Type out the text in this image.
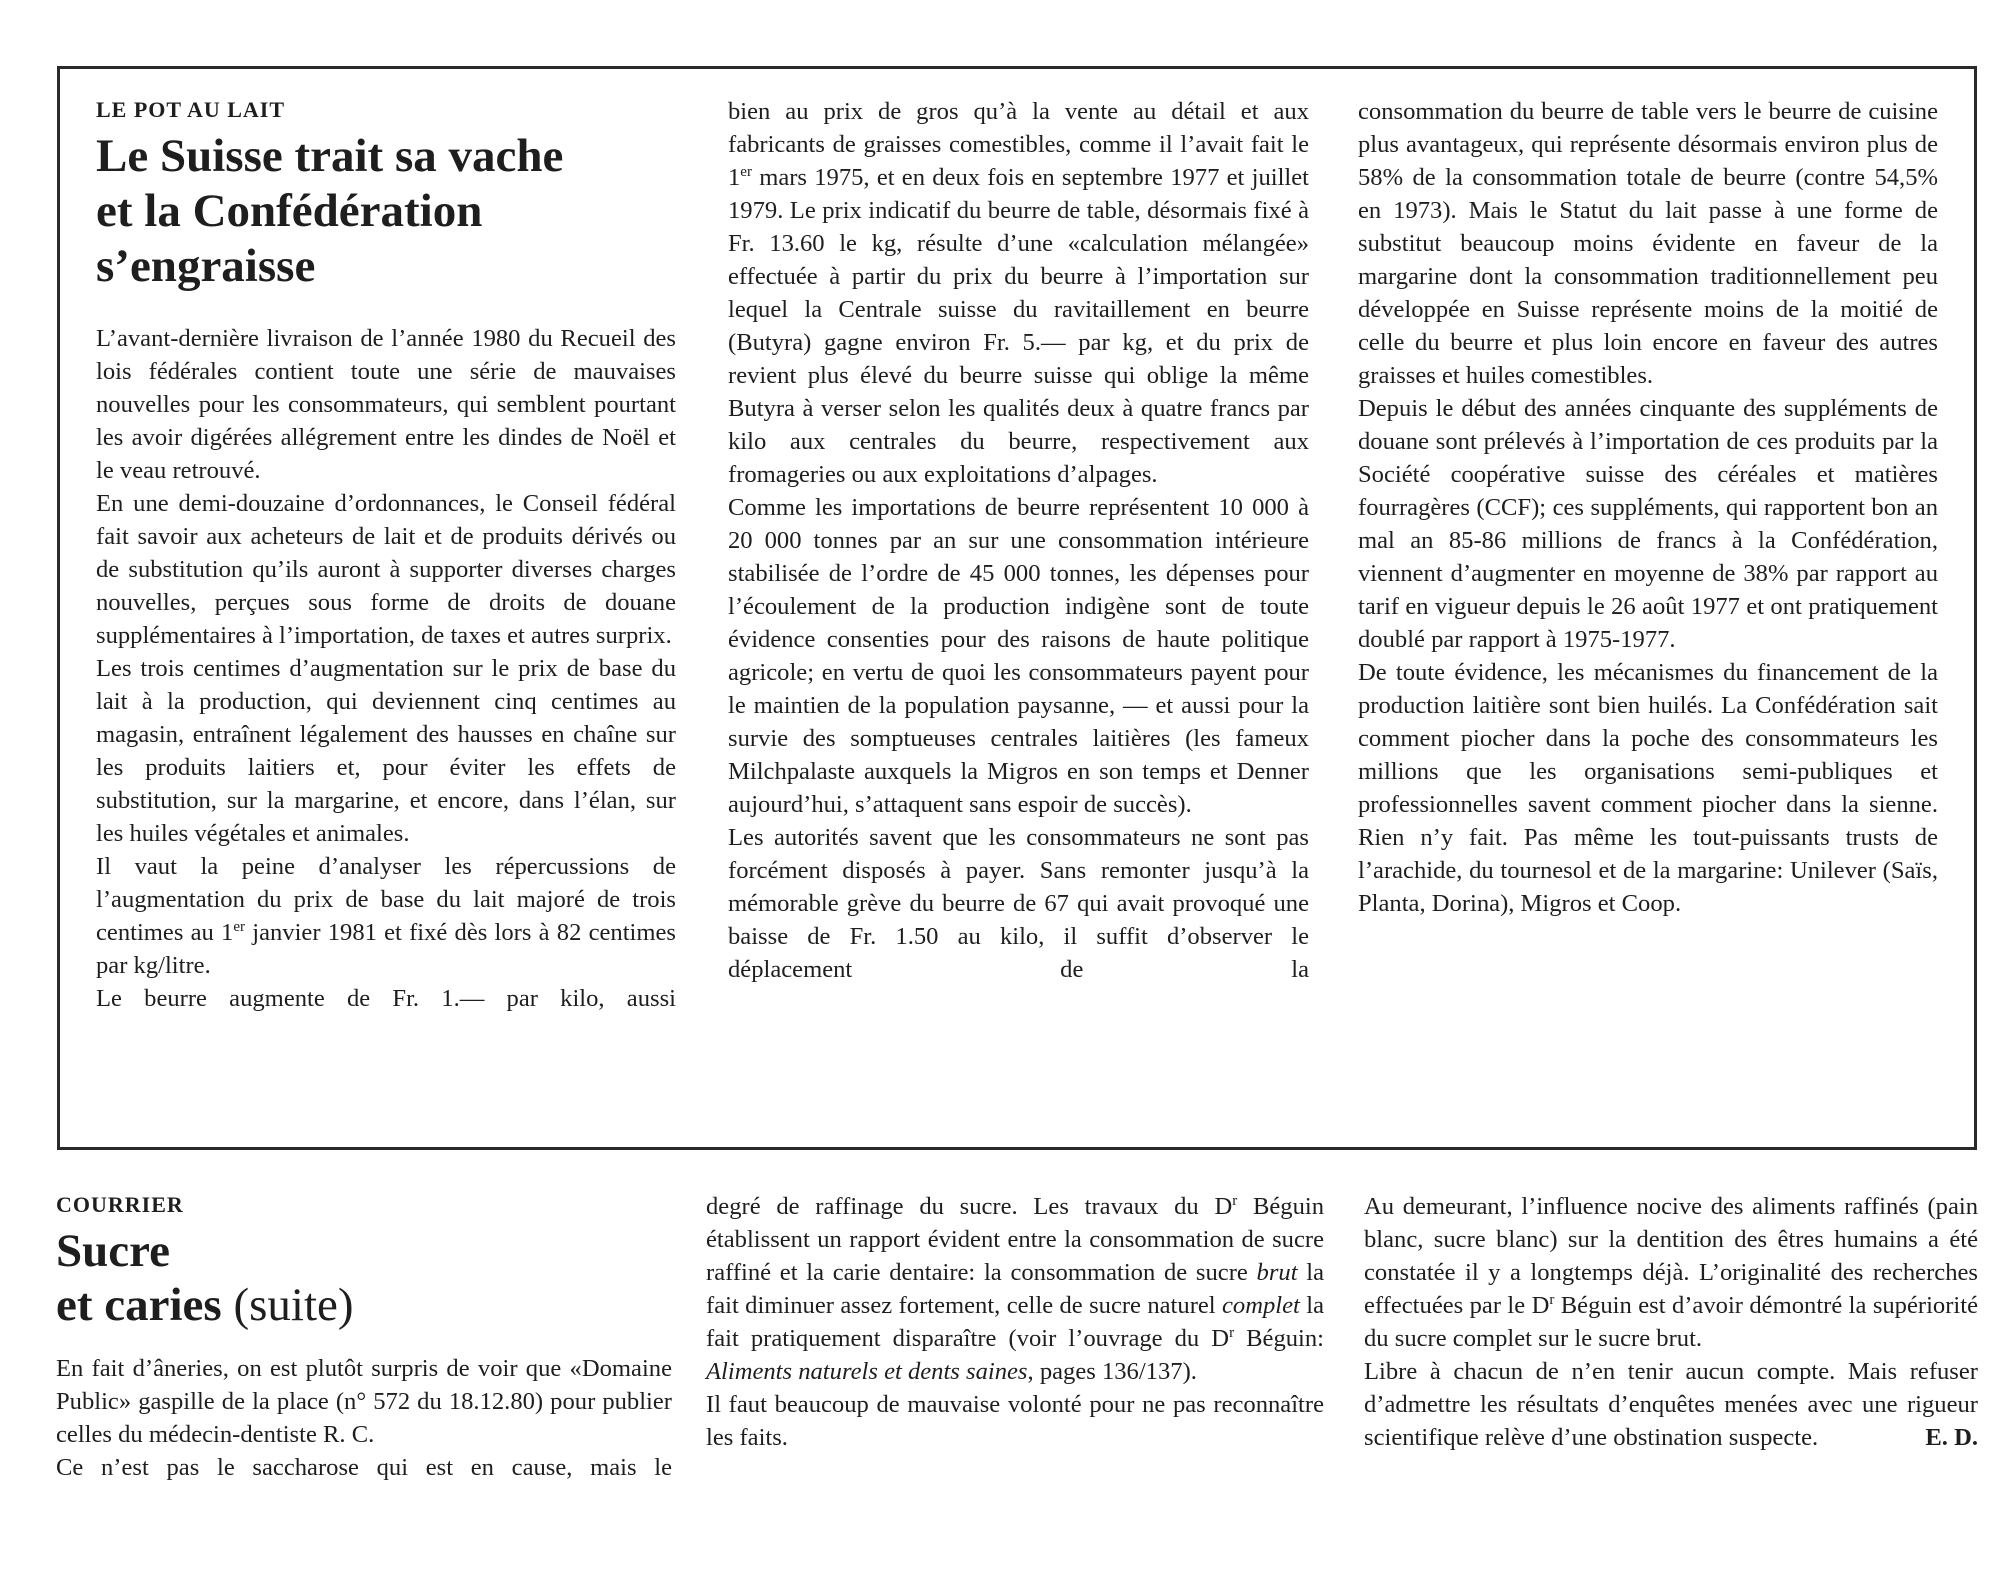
LE POT AU LAIT
Le Suisse trait sa vache
et la Confédération
s’engraisse

L’avant-dernière livraison de l’année 1980 du Recueil des lois fédérales contient toute une série de mauvaises nouvelles pour les consommateurs, qui semblent pourtant les avoir digérées allégrement entre les dindes de Noël et le veau retrouvé.

En une demi-douzaine d’ordonnances, le Conseil fédéral fait savoir aux acheteurs de lait et de produits dérivés ou de substitution qu’ils auront à supporter diverses charges nouvelles, perçues sous forme de droits de douane supplémentaires à l’importation, de taxes et autres surprix.

Les trois centimes d’augmentation sur le prix de base du lait à la production, qui deviennent cinq centimes au magasin, entraînent légalement des hausses en chaîne sur les produits laitiers et, pour éviter les effets de substitution, sur la margarine, et encore, dans l’élan, sur les huiles végétales et animales.

Il vaut la peine d’analyser les répercussions de l’augmentation du prix de base du lait majoré de trois centimes au 1er janvier 1981 et fixé dès lors à 82 centimes par kg/litre.

Le beurre augmente de Fr. 1.— par kilo, aussi

bien au prix de gros qu’à la vente au détail et aux fabricants de graisses comestibles, comme il l’avait fait le 1er mars 1975, et en deux fois en septembre 1977 et juillet 1979. Le prix indicatif du beurre de table, désormais fixé à Fr. 13.60 le kg, résulte d’une «calculation mélangée» effectuée à partir du prix du beurre à l’importation sur lequel la Centrale suisse du ravitaillement en beurre (Butyra) gagne environ Fr. 5.— par kg, et du prix de revient plus élevé du beurre suisse qui oblige la même Butyra à verser selon les qualités deux à quatre francs par kilo aux centrales du beurre, respectivement aux fromageries ou aux exploitations d’alpages.

Comme les importations de beurre représentent 10 000 à 20 000 tonnes par an sur une consommation intérieure stabilisée de l’ordre de 45 000 tonnes, les dépenses pour l’écoulement de la production indigène sont de toute évidence consenties pour des raisons de haute politique agricole; en vertu de quoi les consommateurs payent pour le maintien de la population paysanne, — et aussi pour la survie des somptueuses centrales laitières (les fameux Milchpalaste auxquels la Migros en son temps et Denner aujourd’hui, s’attaquent sans espoir de succès).

Les autorités savent que les consommateurs ne sont pas forcément disposés à payer. Sans remonter jusqu’à la mémorable grève du beurre de 67 qui avait provoqué une baisse de Fr. 1.50 au kilo, il suffit d’observer le déplacement de la

consommation du beurre de table vers le beurre de cuisine plus avantageux, qui représente désormais environ plus de 58% de la consommation totale de beurre (contre 54,5% en 1973). Mais le Statut du lait passe à une forme de substitut beaucoup moins évidente en faveur de la margarine dont la consommation traditionnellement peu développée en Suisse représente moins de la moitié de celle du beurre et plus loin encore en faveur des autres graisses et huiles comestibles.

Depuis le début des années cinquante des suppléments de douane sont prélevés à l’importation de ces produits par la Société coopérative suisse des céréales et matières fourragères (CCF); ces suppléments, qui rapportent bon an mal an 85-86 millions de francs à la Confédération, viennent d’augmenter en moyenne de 38% par rapport au tarif en vigueur depuis le 26 août 1977 et ont pratiquement doublé par rapport à 1975-1977.

De toute évidence, les mécanismes du financement de la production laitière sont bien huilés. La Confédération sait comment piocher dans la poche des consommateurs les millions que les organisations semi-publiques et professionnelles savent comment piocher dans la sienne. Rien n’y fait. Pas même les tout-puissants trusts de l’arachide, du tournesol et de la margarine: Unilever (Saïs, Planta, Dorina), Migros et Coop.

COURRIER
Sucre
et caries (suite)

En fait d’âneries, on est plutôt surpris de voir que «Domaine Public» gaspille de la place (n° 572 du 18.12.80) pour publier celles du médecin-dentiste R. C.

Ce n’est pas le saccharose qui est en cause, mais le

degré de raffinage du sucre. Les travaux du $D^r$ Béguin établissent un rapport évident entre la consommation de sucre raffiné et la carie dentaire: la consommation de sucre brut la fait diminuer assez fortement, celle de sucre naturel complet la fait pratiquement disparaître (voir l’ouvrage du $D^r$ Béguin: Aliments naturels et dents saines, pages 136/137).

Il faut beaucoup de mauvaise volonté pour ne pas reconnaître les faits.

Au demeurant, l’influence nocive des aliments raffinés (pain blanc, sucre blanc) sur la dentition des êtres humains a été constatée il y a longtemps déjà. L’originalité des recherches effectuées par le $D^r$ Béguin est d’avoir démontré la supériorité du sucre complet sur le sucre brut.

Libre à chacun de n’en tenir aucun compte. Mais refuser d’admettre les résultats d’enquêtes menées avec une rigueur scientifique relève d’une obstination suspecte.	E. D.
